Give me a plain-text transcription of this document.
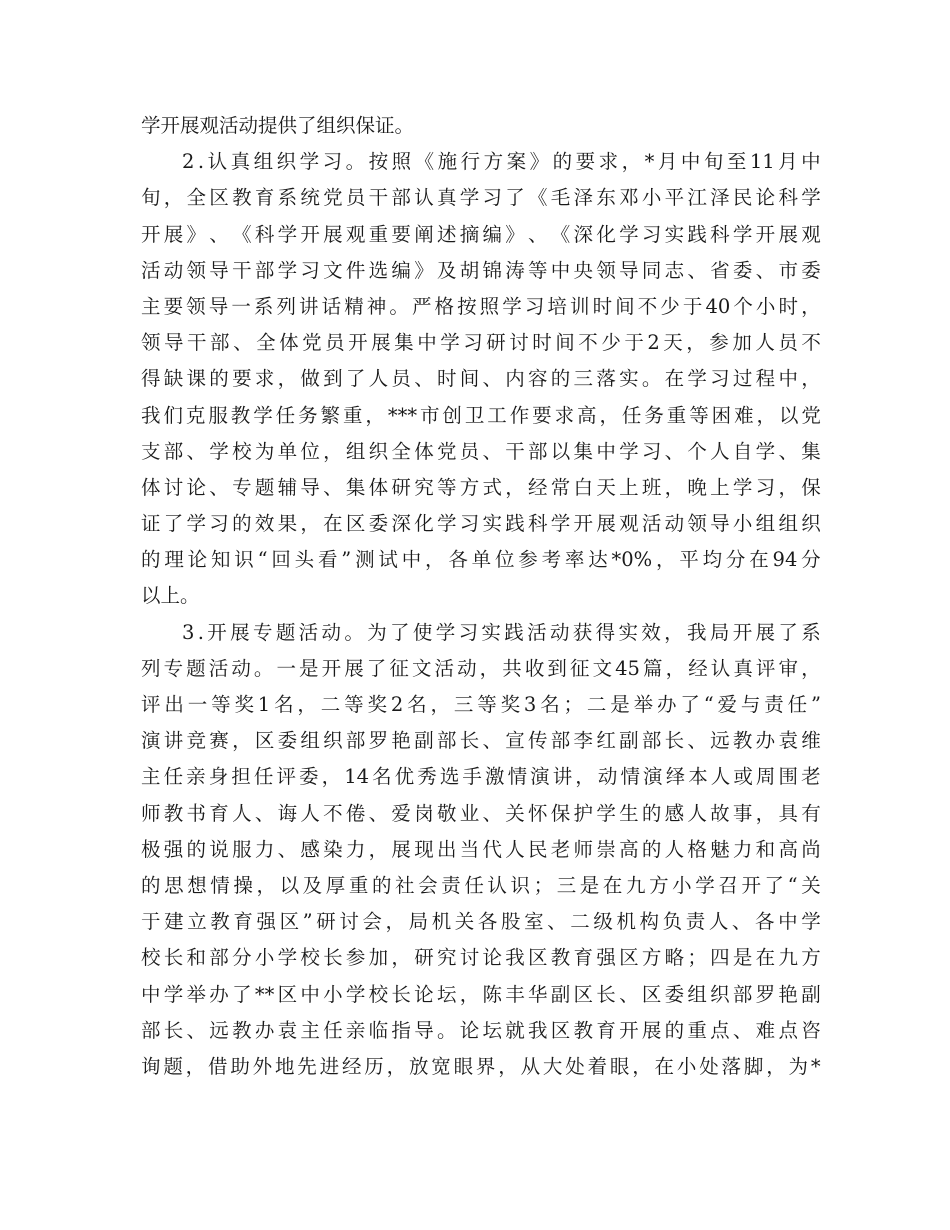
学开展观活动提供了组织保证。
2 . 认 真 组 织 学 习 。 按 照 《 施 行 方 案 》 的 要 求 ， * 月 中 旬 至 11 月 中
旬 ， 全 区 教 育 系 统 党 员 干 部 认 真 学 习 了 《 毛 泽 东 邓 小 平 江 泽 民 论 科 学
开 展 》 、 《 科 学 开 展 观 重 要 阐 述 摘 编 》 、 《 深 化 学 习 实 践 科 学 开 展 观
活 动 领 导 干 部 学 习 文 件 选 编 》 及 胡 锦 涛 等 中 央 领 导 同 志 、 省 委 、 市 委
主 要 领 导 一 系 列 讲 话 精 神 。 严 格 按 照 学 习 培 训 时 间 不 少 于 40 个 小 时 ，
领 导 干 部 、 全 体 党 员 开 展 集 中 学 习 研 讨 时 间 不 少 于 2 天 ， 参 加 人 员 不
得 缺 课 的 要 求 ， 做 到 了 人 员 、 时 间 、 内 容 的 三 落 实 。 在 学 习 过 程 中 ，
我 们 克 服 教 学 任 务 繁 重 ， *** 市 创 卫 工 作 要 求 高 ， 任 务 重 等 困 难 ， 以 党
支 部 、 学 校 为 单 位 ， 组 织 全 体 党 员 、 干 部 以 集 中 学 习 、 个 人 自 学 、 集
体 讨 论 、 专 题 辅 导 、 集 体 研 究 等 方 式 ， 经 常 白 天 上 班 ， 晚 上 学 习 ， 保
证 了 学 习 的 效 果 ， 在 区 委 深 化 学 习 实 践 科 学 开 展 观 活 动 领 导 小 组 组 织
的 理 论 知 识 “ 回 头 看 ” 测 试 中 ， 各 单 位 参 考 率 达 *0% ， 平 均 分 在 94 分
以上。
3 . 开 展 专 题 活 动 。 为 了 使 学 习 实 践 活 动 获 得 实 效 ， 我 局 开 展 了 系
列 专 题 活 动 。 一 是 开 展 了 征 文 活 动 ， 共 收 到 征 文 45 篇 ， 经 认 真 评 审 ，
评 出 一 等 奖 1 名 ， 二 等 奖 2 名 ， 三 等 奖 3 名 ； 二 是 举 办 了 “ 爱 与 责 任 ”
演 讲 竞 赛 ， 区 委 组 织 部 罗 艳 副 部 长 、 宣 传 部 李 红 副 部 长 、 远 教 办 袁 维
主 任 亲 身 担 任 评 委 ， 14 名 优 秀 选 手 激 情 演 讲 ， 动 情 演 绎 本 人 或 周 围 老
师 教 书 育 人 、 诲 人 不 倦 、 爱 岗 敬 业 、 关 怀 保 护 学 生 的 感 人 故 事 ， 具 有
极 强 的 说 服 力 、 感 染 力 ， 展 现 出 当 代 人 民 老 师 崇 高 的 人 格 魅 力 和 高 尚
的 思 想 情 操 ， 以 及 厚 重 的 社 会 责 任 认 识 ； 三 是 在 九 方 小 学 召 开 了 “ 关
于 建 立 教 育 强 区 ” 研 讨 会 ， 局 机 关 各 股 室 、 二 级 机 构 负 责 人 、 各 中 学
校 长 和 部 分 小 学 校 长 参 加 ， 研 究 讨 论 我 区 教 育 强 区 方 略 ； 四 是 在 九 方
中 学 举 办 了 ** 区 中 小 学 校 长 论 坛 ， 陈 丰 华 副 区 长 、 区 委 组 织 部 罗 艳 副
部 长 、 远 教 办 袁 主 任 亲 临 指 导 。 论 坛 就 我 区 教 育 开 展 的 重 点 、 难 点 咨
询 题 ， 借 助 外 地 先 进 经 历 ， 放 宽 眼 界 ， 从 大 处 着 眼 ， 在 小 处 落 脚 ， 为 *
